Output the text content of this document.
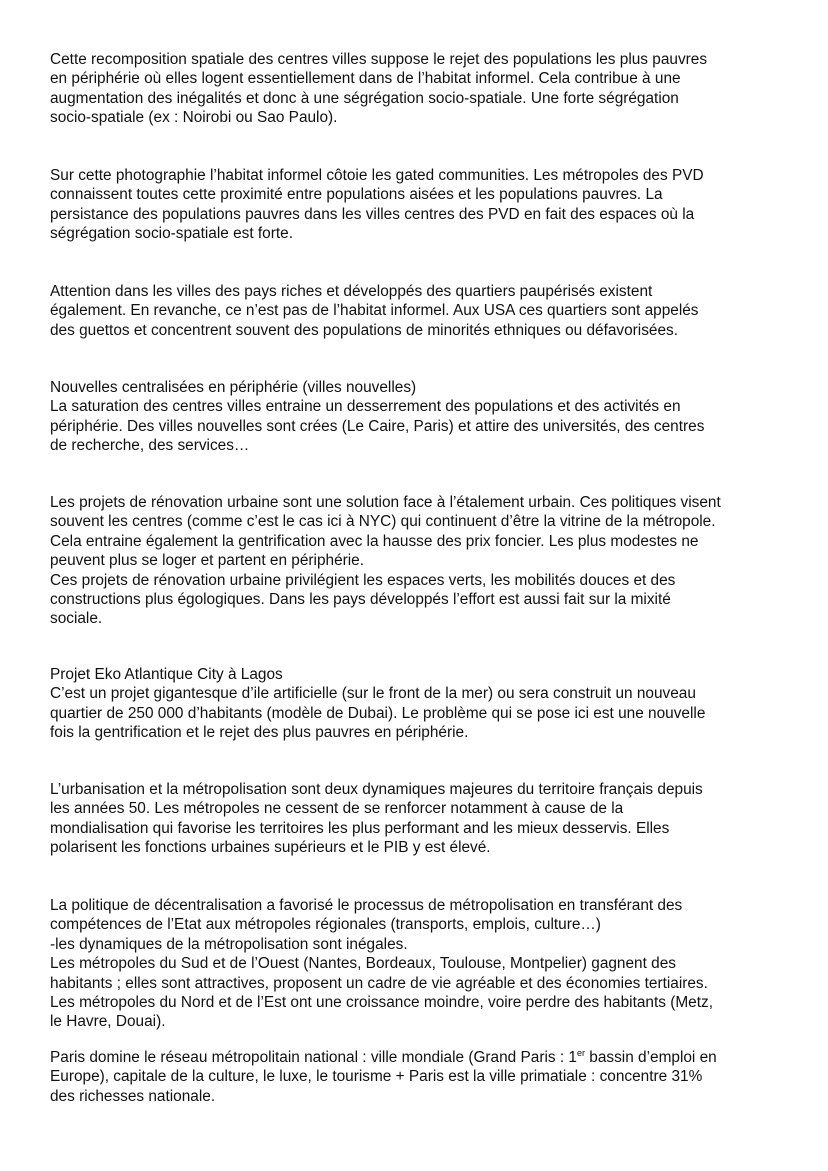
Cette recomposition spatiale des centres villes suppose le rejet des populations les plus pauvres
en périphérie où elles logent essentiellement dans de l’habitat informel. Cela contribue à une
augmentation des inégalités et donc à une ségrégation socio-spatiale. Une forte ségrégation
socio-spatiale (ex : Noirobi ou Sao Paulo).
Sur cette photographie l’habitat informel côtoie les gated communities. Les métropoles des PVD
connaissent toutes cette proximité entre populations aisées et les populations pauvres. La
persistance des populations pauvres dans les villes centres des PVD en fait des espaces où la
ségrégation socio-spatiale est forte.
Attention dans les villes des pays riches et développés des quartiers paupérisés existent
également. En revanche, ce n’est pas de l’habitat informel. Aux USA ces quartiers sont appelés
des guettos et concentrent souvent des populations de minorités ethniques ou défavorisées.
Nouvelles centralisées en périphérie (villes nouvelles)
La saturation des centres villes entraine un desserrement des populations et des activités en
périphérie. Des villes nouvelles sont crées (Le Caire, Paris) et attire des universités, des centres
de recherche, des services…
Les projets de rénovation urbaine sont une solution face à l’étalement urbain. Ces politiques visent
souvent les centres (comme c’est le cas ici à NYC) qui continuent d’être la vitrine de la métropole.
Cela entraine également la gentrification avec la hausse des prix foncier. Les plus modestes ne
peuvent plus se loger et partent en périphérie.
Ces projets de rénovation urbaine privilégient les espaces verts, les mobilités douces et des
constructions plus égologiques. Dans les pays développés l’effort est aussi fait sur la mixité
sociale.
Projet Eko Atlantique City à Lagos
C’est un projet gigantesque d’ile artificielle (sur le front de la mer) ou sera construit un nouveau
quartier de 250 000 d’habitants (modèle de Dubai). Le problème qui se pose ici est une nouvelle
fois la gentrification et le rejet des plus pauvres en périphérie.
L’urbanisation et la métropolisation sont deux dynamiques majeures du territoire français depuis
les années 50. Les métropoles ne cessent de se renforcer notamment à cause de la
mondialisation qui favorise les territoires les plus performant and les mieux desservis. Elles
polarisent les fonctions urbaines supérieurs et le PIB y est élevé.
La politique de décentralisation a favorisé le processus de métropolisation en transférant des
compétences de l’Etat aux métropoles régionales (transports, emplois, culture…)
-les dynamiques de la métropolisation sont inégales.
Les métropoles du Sud et de l’Ouest (Nantes, Bordeaux, Toulouse, Montpelier) gagnent des
habitants ; elles sont attractives, proposent un cadre de vie agréable et des économies tertiaires.
Les métropoles du Nord et de l’Est ont une croissance moindre, voire perdre des habitants (Metz,
le Havre, Douai).
Paris domine le réseau métropolitain national : ville mondiale (Grand Paris : 1er bassin d’emploi en
Europe), capitale de la culture, le luxe, le tourisme + Paris est la ville primatiale : concentre 31%
des richesses nationale.
